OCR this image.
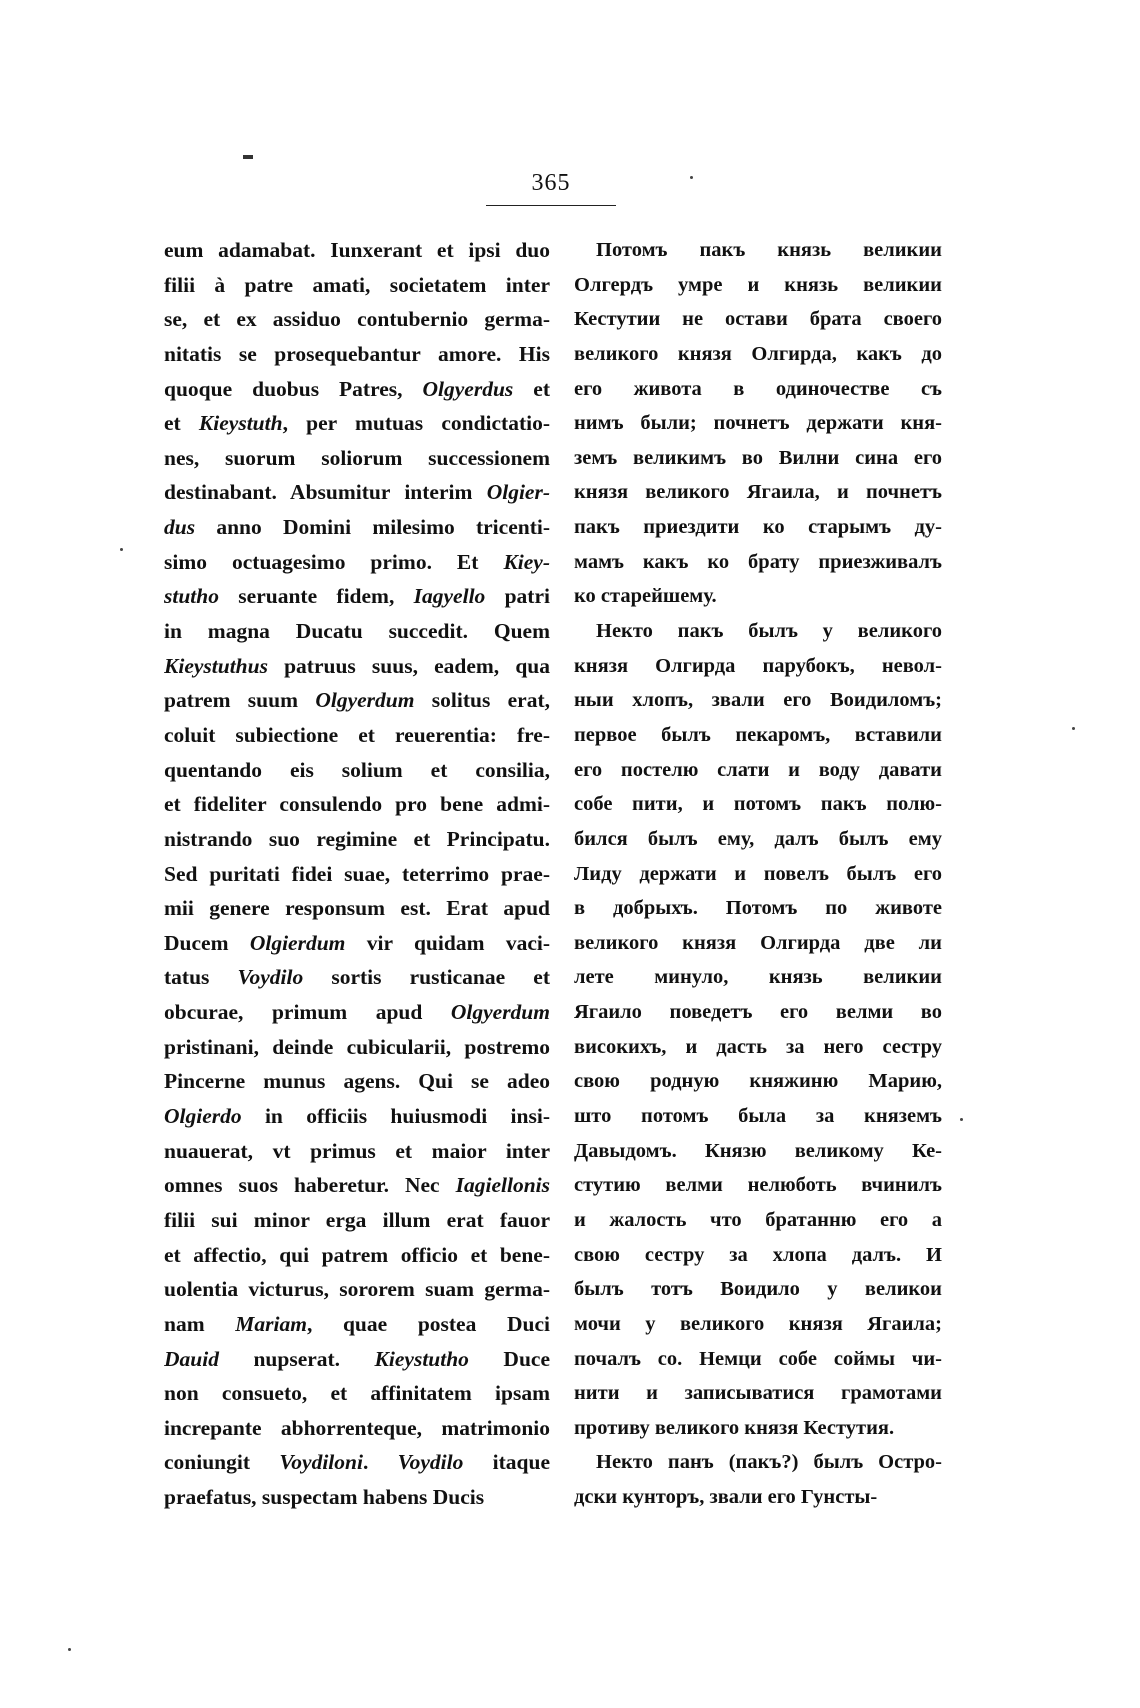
365
eum adamabat. Iunxerant et ipsi duo
filii à patre amati, societatem inter
se, et ex assiduo contubernio germa-
nitatis se prosequebantur amore. His
quoque duobus Patres, Olgyerdus et
et Kieystuth, per mutuas condictatio-
nes, suorum soliorum successionem
destinabant. Absumitur interim Olgier-
dus anno Domini milesimo tricenti-
simo octuagesimo primo. Et Kiey-
stutho seruante fidem, Iagyello patri
in magna Ducatu succedit. Quem
Kieystuthus patruus suus, eadem, qua
patrem suum Olgyerdum solitus erat,
coluit subiectione et reuerentia: fre-
quentando eis solium et consilia,
et fideliter consulendo pro bene admi-
nistrando suo regimine et Principatu.
Sed puritati fidei suae, teterrimo prae-
mii genere responsum est. Erat apud
Ducem Olgierdum vir quidam vaci-
tatus Voydilo sortis rusticanae et
obcurae, primum apud Olgyerdum
pristinani, deinde cubicularii, postremo
Pincerne munus agens. Qui se adeo
Olgierdo in officiis huiusmodi insi-
nuauerat, vt primus et maior inter
omnes suos haberetur. Nec Iagiellonis
filii sui minor erga illum erat fauor
et affectio, qui patrem officio et bene-
uolentia victurus, sororem suam germa-
nam Mariam, quae postea Duci
Dauid nupserat. Kieystutho Duce
non consueto, et affinitatem ipsam
increpante abhorrenteque, matrimonio
coniungit Voydiloni. Voydilo itaque
praefatus, suspectam habens Ducis
Потомъ пакъ князь великии
Олгердъ умре и князь великии
Кестутии не остави брата своего
великого князя Олгирда, какъ до
его живота в одиночестве съ
нимъ были; почнетъ держати кня-
земъ великимъ во Вилни сина его
князя великого Ягаила, и почнетъ
пакъ приездити ко старымъ ду-
мамъ какъ ко брату приезживалъ
ко старейшему.
Некто пакъ былъ у великого
князя Олгирда парубокъ, невол-
ныи хлопъ, звали его Воидиломъ;
первое былъ пекаромъ, вставили
его постелю слати и воду давати
собе пити, и потомъ пакъ полю-
бился былъ ему, далъ былъ ему
Лиду держати и повелъ былъ его
в добрыхъ. Потомъ по животе
великого князя Олгирда две ли
лете минуло, князь великии
Ягаило поведетъ его велми во
високихъ, и дасть за него сестру
свою родную княжиню Марию,
што потомъ была за княземъ
Давыдомъ. Князю великому Ке-
стутию велми нелюботь вчинилъ
и жалость что братанню его а
свою сестру за хлопа далъ. И
былъ тотъ Воидило у великои
мочи у великого князя Ягаила;
почалъ со. Немци собе соймы чи-
нити и записыватися грамотами
противу великого князя Кестутия.
Некто панъ (пакъ?) былъ Остро-
дски кунторъ, звали его Гунсты-
